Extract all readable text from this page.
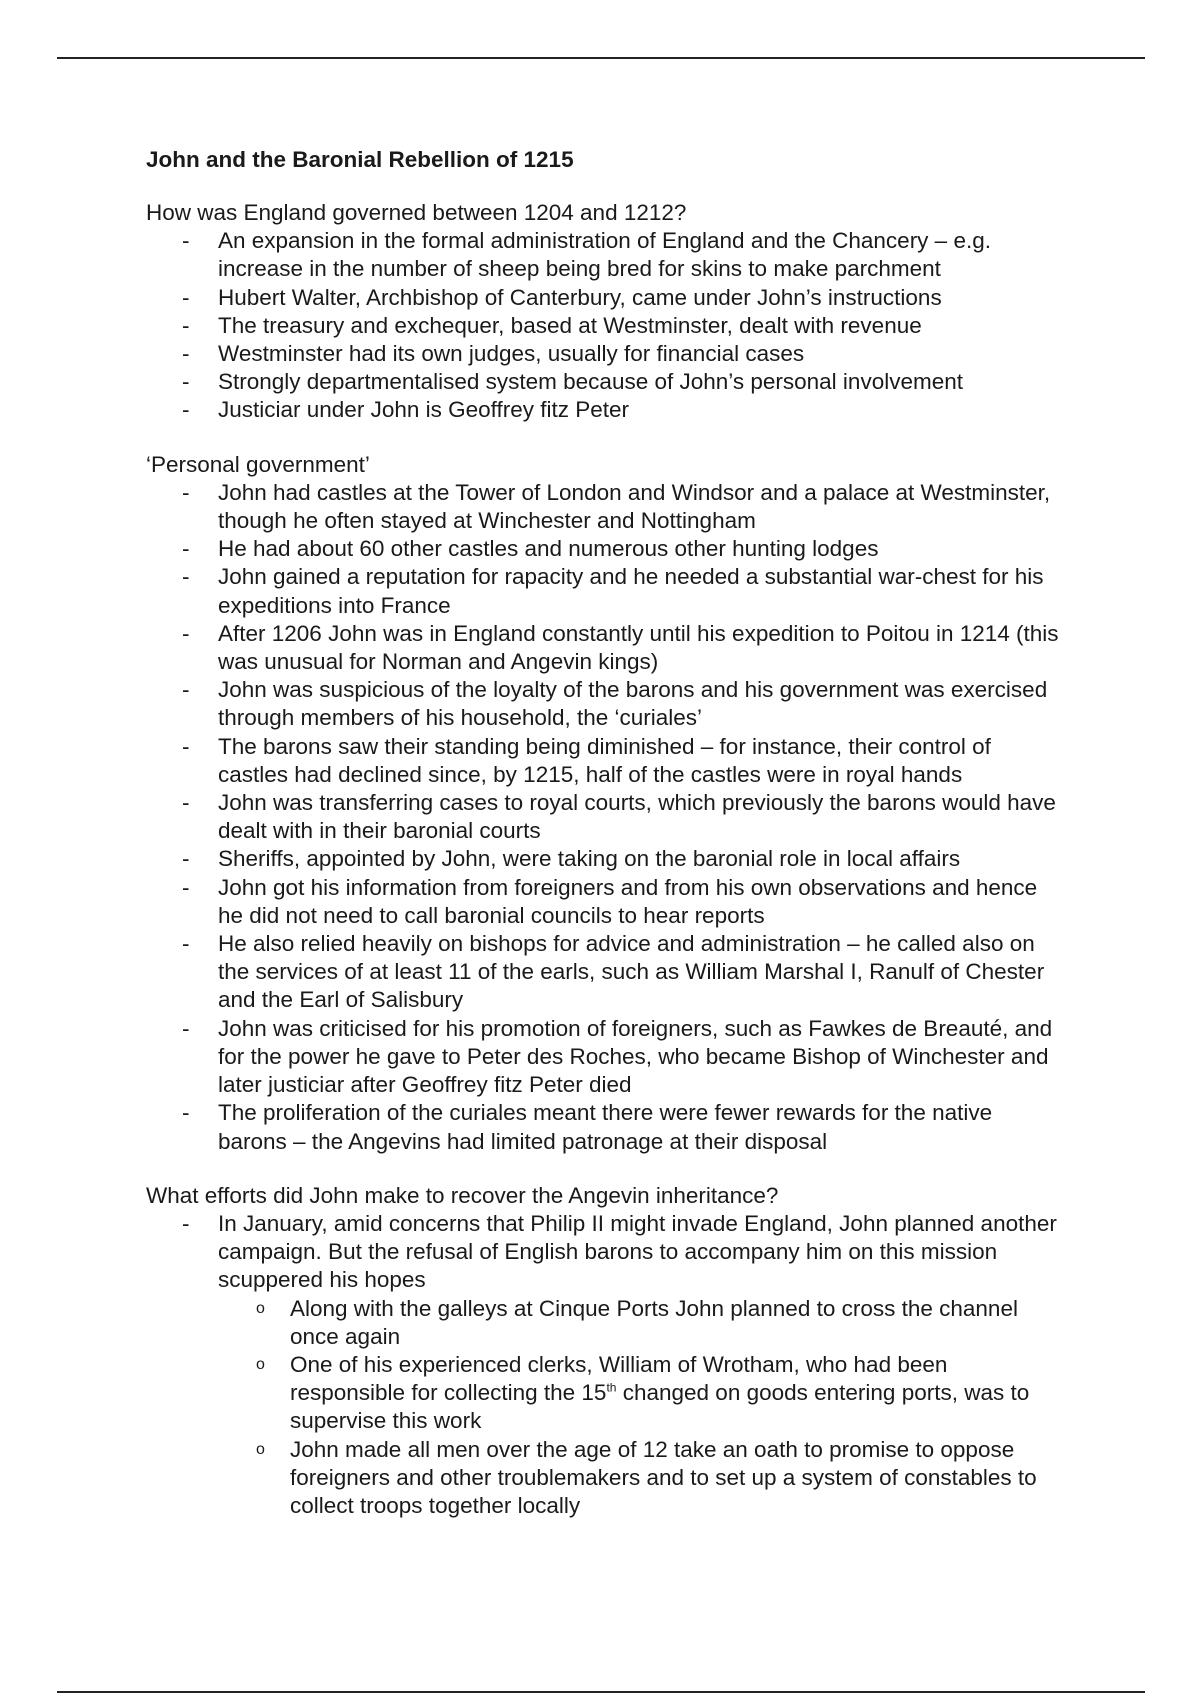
John and the Baronial Rebellion of 1215

How was England governed between 1204 and 1212?

- An expansion in the formal administration of England and the Chancery – e.g. increase in the number of sheep being bred for skins to make parchment
- Hubert Walter, Archbishop of Canterbury, came under John’s instructions
- The treasury and exchequer, based at Westminster, dealt with revenue
- Westminster had its own judges, usually for financial cases
- Strongly departmentalised system because of John’s personal involvement
- Justiciar under John is Geoffrey fitz Peter

‘Personal government’

- John had castles at the Tower of London and Windsor and a palace at Westminster, though he often stayed at Winchester and Nottingham
- He had about 60 other castles and numerous other hunting lodges
- John gained a reputation for rapacity and he needed a substantial war-chest for his expeditions into France
- After 1206 John was in England constantly until his expedition to Poitou in 1214 (this was unusual for Norman and Angevin kings)
- John was suspicious of the loyalty of the barons and his government was exercised through members of his household, the ‘curiales’
- The barons saw their standing being diminished – for instance, their control of castles had declined since, by 1215, half of the castles were in royal hands
- John was transferring cases to royal courts, which previously the barons would have dealt with in their baronial courts
- Sheriffs, appointed by John, were taking on the baronial role in local affairs
- John got his information from foreigners and from his own observations and hence he did not need to call baronial councils to hear reports
- He also relied heavily on bishops for advice and administration – he called also on the services of at least 11 of the earls, such as William Marshal I, Ranulf of Chester and the Earl of Salisbury
- John was criticised for his promotion of foreigners, such as Fawkes de Breauté, and for the power he gave to Peter des Roches, who became Bishop of Winchester and later justiciar after Geoffrey fitz Peter died
- The proliferation of the curiales meant there were fewer rewards for the native barons – the Angevins had limited patronage at their disposal

What efforts did John make to recover the Angevin inheritance?

- In January, amid concerns that Philip II might invade England, John planned another campaign. But the refusal of English barons to accompany him on this mission scuppered his hopes
o Along with the galleys at Cinque Ports John planned to cross the channel once again
o One of his experienced clerks, William of Wrotham, who had been responsible for collecting the 15th changed on goods entering ports, was to supervise this work
o John made all men over the age of 12 take an oath to promise to oppose foreigners and other troublemakers and to set up a system of constables to collect troops together locally
